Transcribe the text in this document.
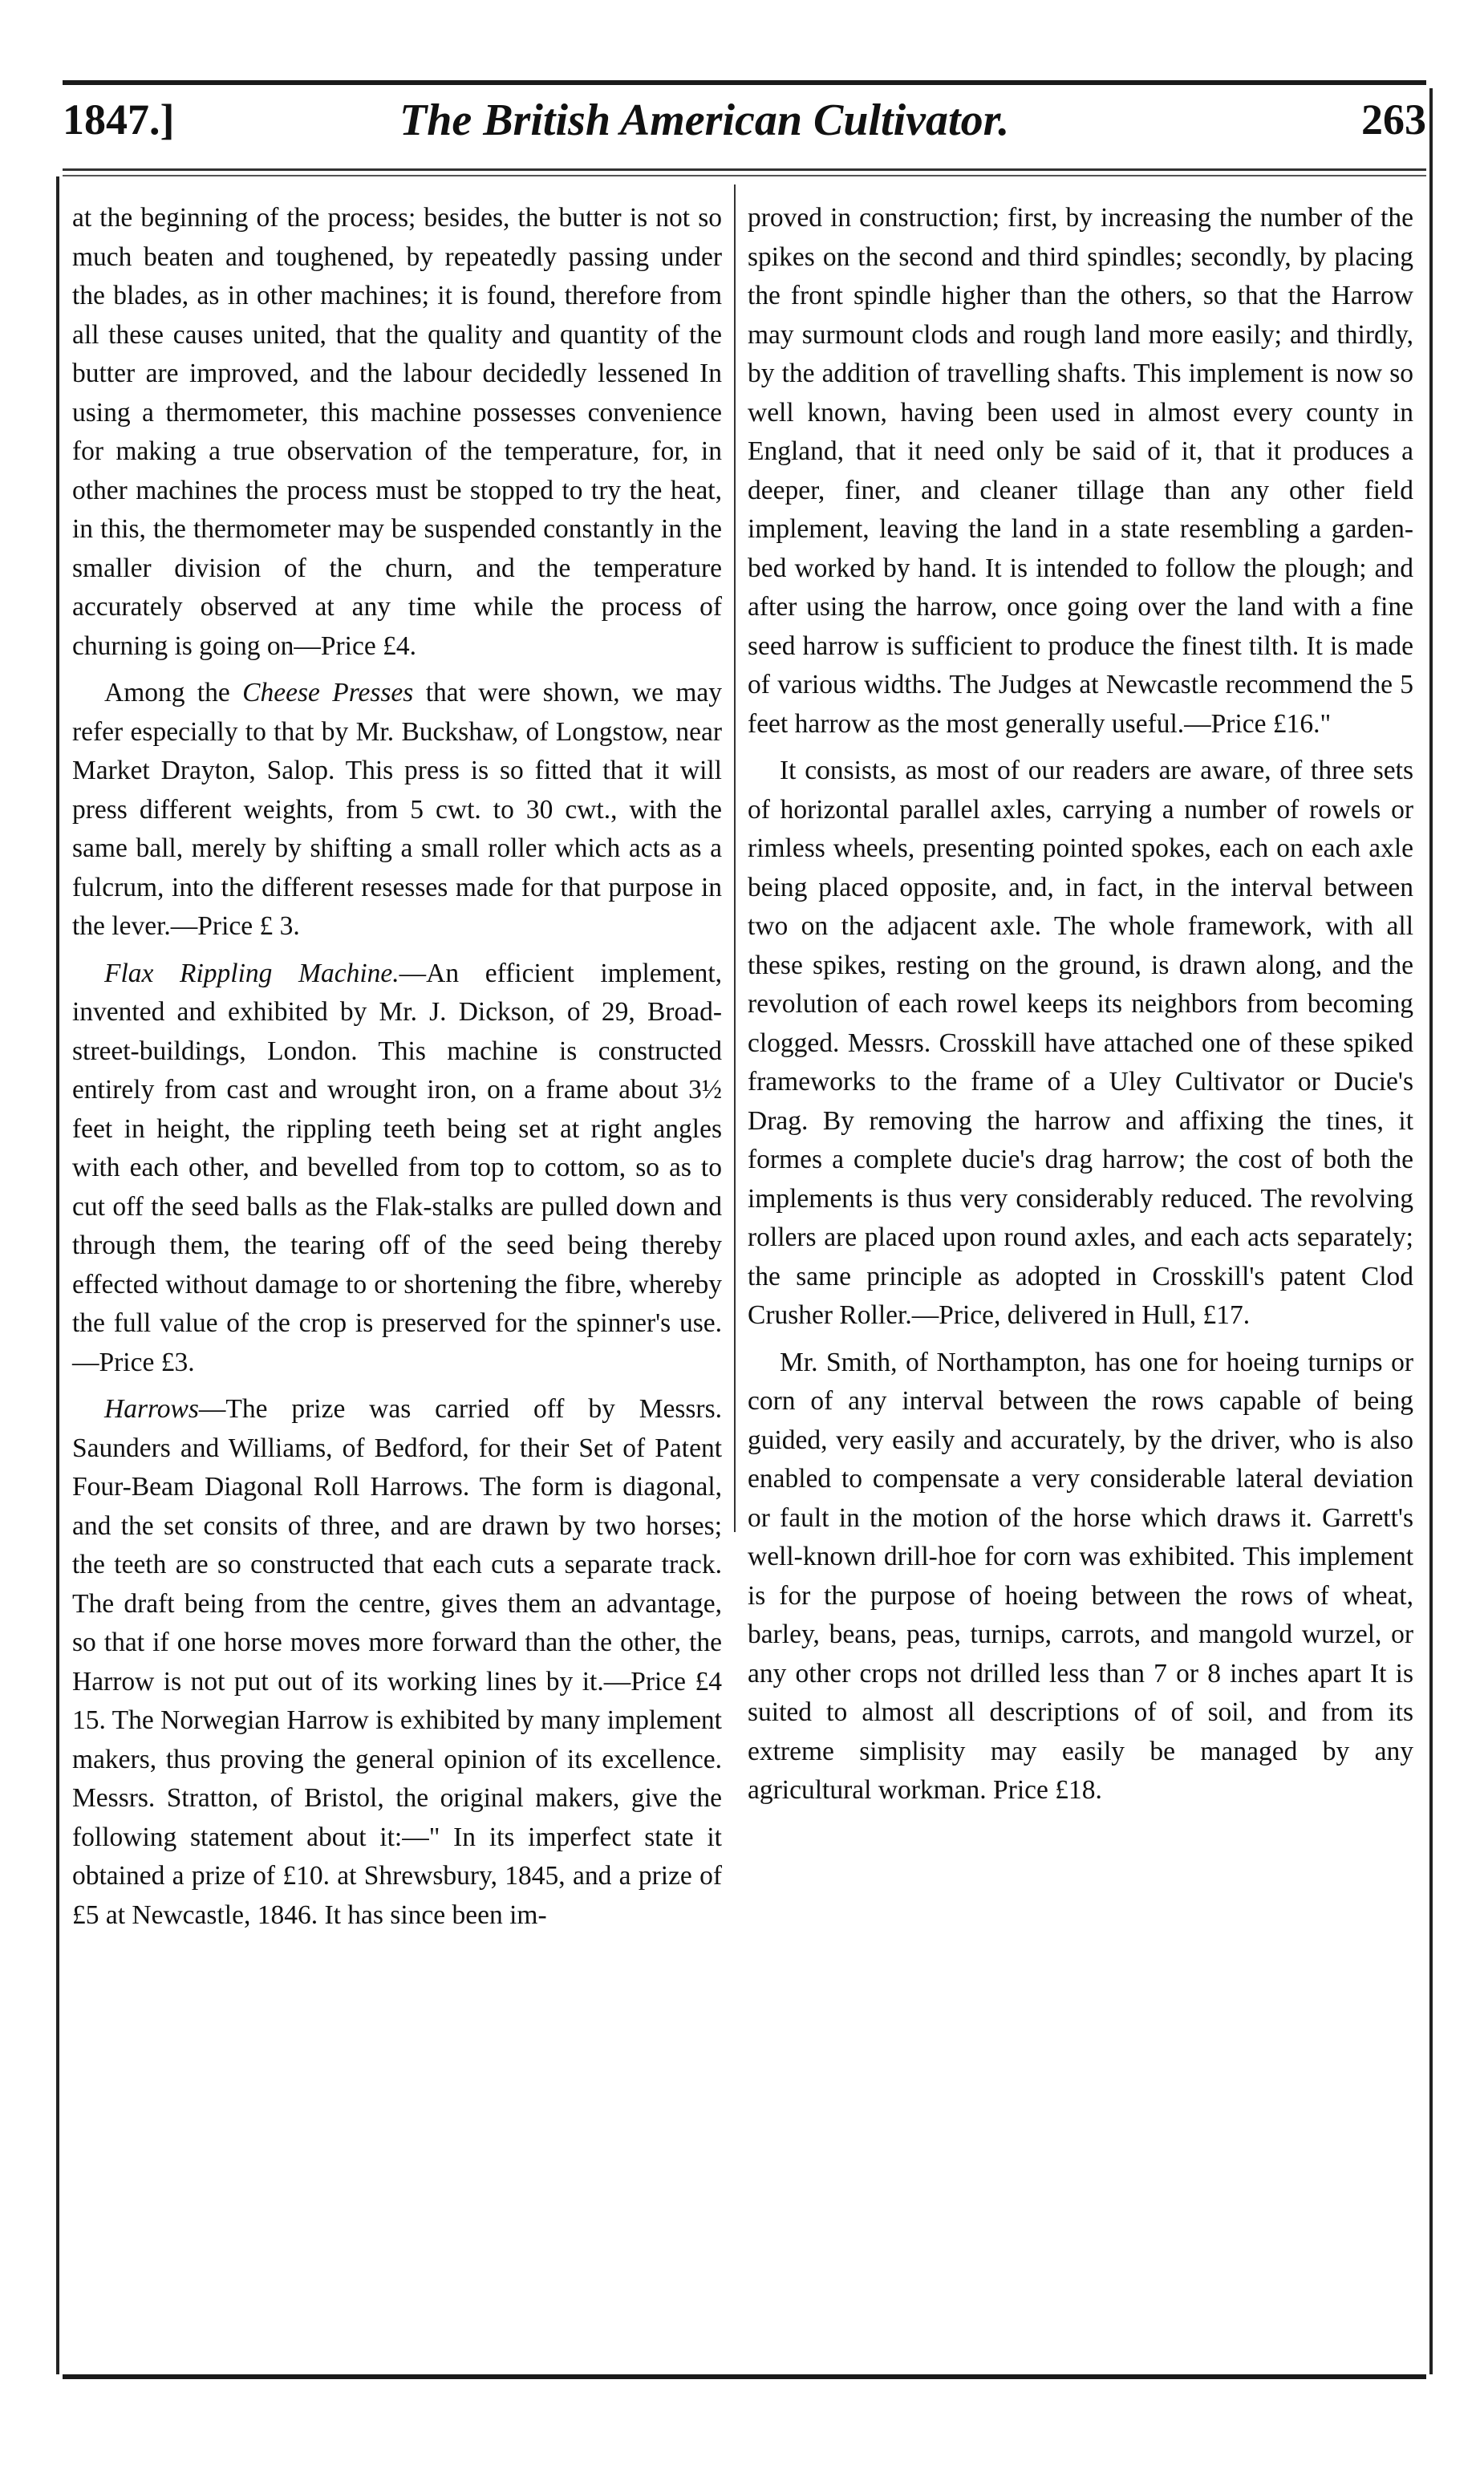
1847.]	The British American Cultivator.	263

at the beginning of the process; besides, the butter is not so much beaten and toughened, by repeatedly passing under the blades, as in other machines; it is found, therefore from all these causes united, that the quality and quantity of the butter are improved, and the labour decidedly lessened In using a thermometer, this machine possesses convenience for making a true observation of the temperature, for, in other machines the process must be stopped to try the heat, in this, the thermometer may be suspended constantly in the smaller division of the churn, and the temperature accurately observed at any time while the process of churning is going on—Price £4.

Among the Cheese Presses that were shown, we may refer especially to that by Mr. Buckshaw, of Longstow, near Market Drayton, Salop. This press is so fitted that it will press different weights, from 5 cwt. to 30 cwt., with the same ball, merely by shifting a small roller which acts as a fulcrum, into the different resesses made for that purpose in the lever.—Price £ 3.

Flax Rippling Machine.—An efficient implement, invented and exhibited by Mr. J. Dickson, of 29, Broad-street-buildings, London. This machine is constructed entirely from cast and wrought iron, on a frame about 3½ feet in height, the rippling teeth being set at right angles with each other, and bevelled from top to cottom, so as to cut off the seed balls as the Flak-stalks are pulled down and through them, the tearing off of the seed being thereby effected without damage to or shortening the fibre, whereby the full value of the crop is preserved for the spinner's use.—Price £3.

Harrows—The prize was carried off by Messrs. Saunders and Williams, of Bedford, for their Set of Patent Four-Beam Diagonal Roll Harrows. The form is diagonal, and the set consits of three, and are drawn by two horses; the teeth are so constructed that each cuts a separate track. The draft being from the centre, gives them an advantage, so that if one horse moves more forward than the other, the Harrow is not put out of its working lines by it.—Price £4 15. The Norwegian Harrow is exhibited by many implement makers, thus proving the general opinion of its excellence. Messrs. Stratton, of Bristol, the original makers, give the following statement about it:—" In its imperfect state it obtained a prize of £10. at Shrewsbury, 1845, and a prize of £5 at Newcastle, 1846. It has since been im-

proved in construction; first, by increasing the number of the spikes on the second and third spindles; secondly, by placing the front spindle higher than the others, so that the Harrow may surmount clods and rough land more easily; and thirdly, by the addition of travelling shafts. This implement is now so well known, having been used in almost every county in England, that it need only be said of it, that it produces a deeper, finer, and cleaner tillage than any other field implement, leaving the land in a state resembling a garden-bed worked by hand. It is intended to follow the plough; and after using the harrow, once going over the land with a fine seed harrow is sufficient to produce the finest tilth. It is made of various widths. The Judges at Newcastle recommend the 5 feet harrow as the most generally useful.—Price £16."

It consists, as most of our readers are aware, of three sets of horizontal parallel axles, carrying a number of rowels or rimless wheels, presenting pointed spokes, each on each axle being placed opposite, and, in fact, in the interval between two on the adjacent axle. The whole framework, with all these spikes, resting on the ground, is drawn along, and the revolution of each rowel keeps its neighbors from becoming clogged. Messrs. Crosskill have attached one of these spiked frameworks to the frame of a Uley Cultivator or Ducie's Drag. By removing the harrow and affixing the tines, it formes a complete ducie's drag harrow; the cost of both the implements is thus very considerably reduced. The revolving rollers are placed upon round axles, and each acts separately; the same principle as adopted in Crosskill's patent Clod Crusher Roller.—Price, delivered in Hull, £17.

Mr. Smith, of Northampton, has one for hoeing turnips or corn of any interval between the rows capable of being guided, very easily and accurately, by the driver, who is also enabled to compensate a very considerable lateral deviation or fault in the motion of the horse which draws it. Garrett's well-known drill-hoe for corn was exhibited. This implement is for the purpose of hoeing between the rows of wheat, barley, beans, peas, turnips, carrots, and mangold wurzel, or any other crops not drilled less than 7 or 8 inches apart It is suited to almost all descriptions of of soil, and from its extreme simplisity may easily be managed by any agricultural workman. Price £18.
